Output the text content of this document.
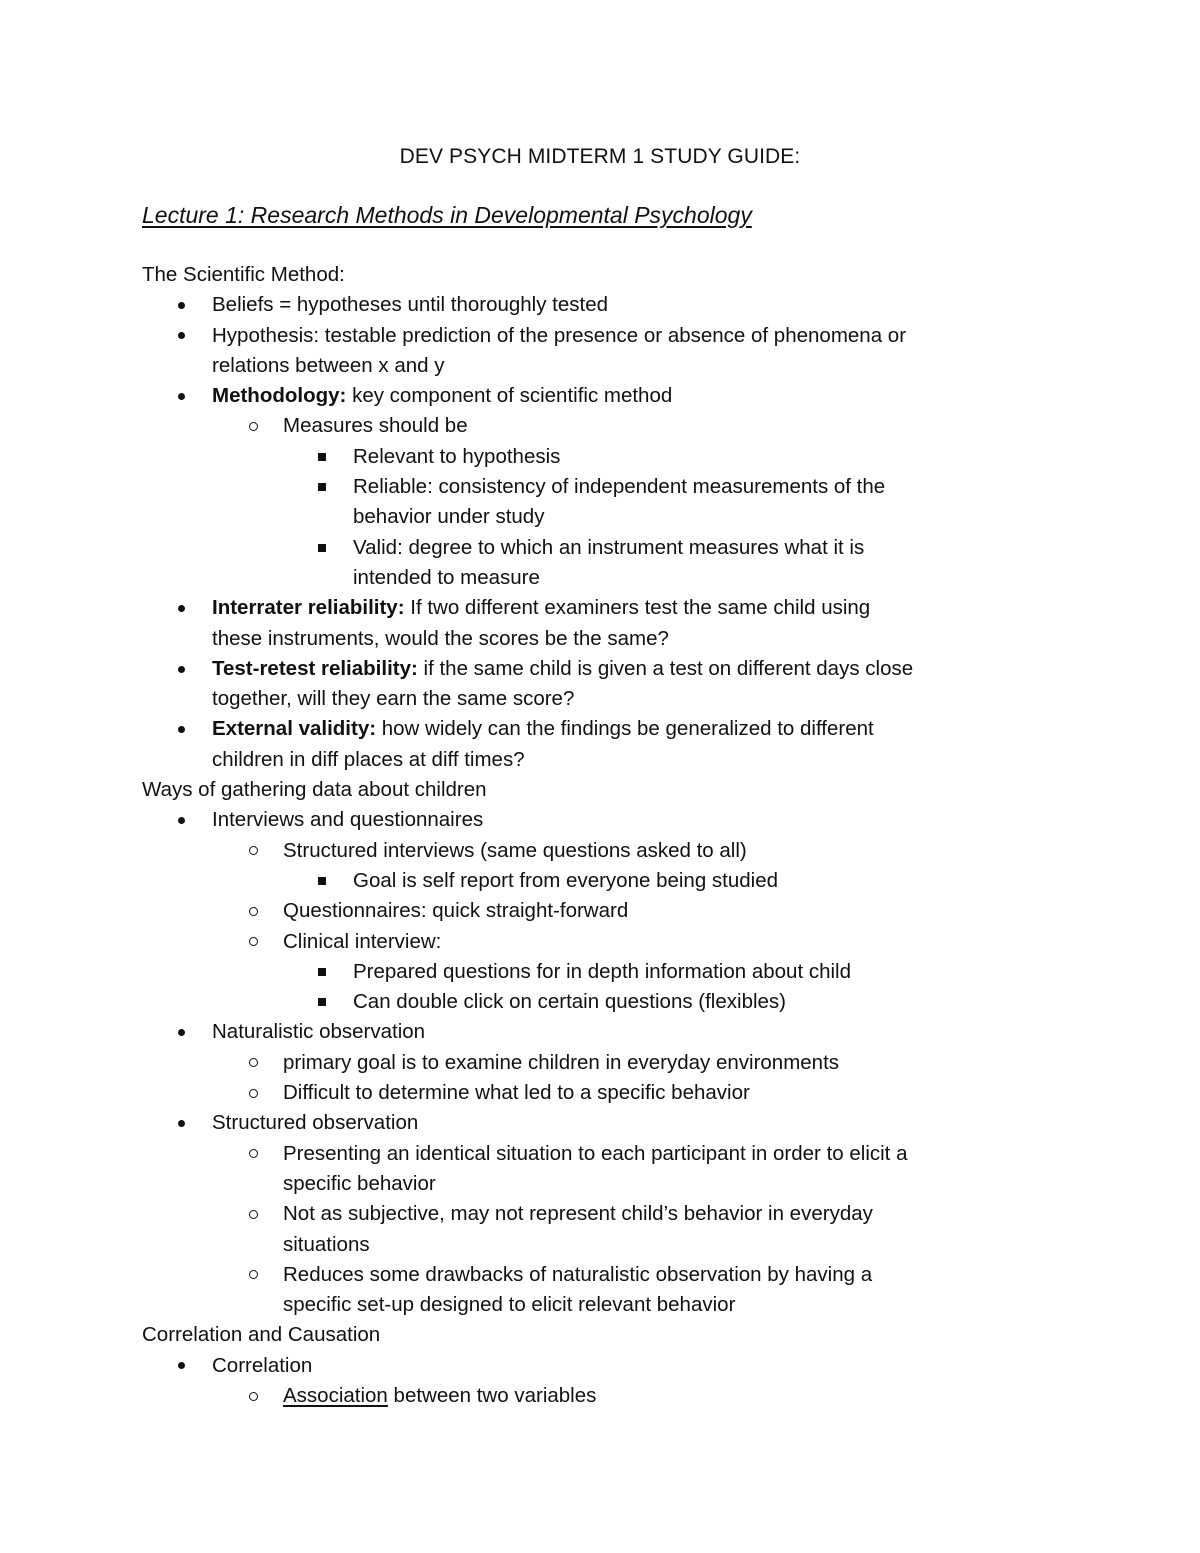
DEV PSYCH MIDTERM 1 STUDY GUIDE:
Lecture 1: Research Methods in Developmental Psychology
The Scientific Method:
Beliefs = hypotheses until thoroughly tested
Hypothesis: testable prediction of the presence or absence of phenomena or
relations between x and y
Methodology: key component of scientific method
Measures should be
Relevant to hypothesis
Reliable: consistency of independent measurements of the
behavior under study
Valid: degree to which an instrument measures what it is
intended to measure
Interrater reliability: If two different examiners test the same child using
these instruments, would the scores be the same?
Test-retest reliability: if the same child is given a test on different days close
together, will they earn the same score?
External validity: how widely can the findings be generalized to different
children in diff places at diff times?
Ways of gathering data about children
Interviews and questionnaires
Structured interviews (same questions asked to all)
Goal is self report from everyone being studied
Questionnaires: quick straight-forward
Clinical interview:
Prepared questions for in depth information about child
Can double click on certain questions (flexibles)
Naturalistic observation
primary goal is to examine children in everyday environments
Difficult to determine what led to a specific behavior
Structured observation
Presenting an identical situation to each participant in order to elicit a
specific behavior
Not as subjective, may not represent child’s behavior in everyday
situations
Reduces some drawbacks of naturalistic observation by having a
specific set-up designed to elicit relevant behavior
Correlation and Causation
Correlation
Association between two variables
